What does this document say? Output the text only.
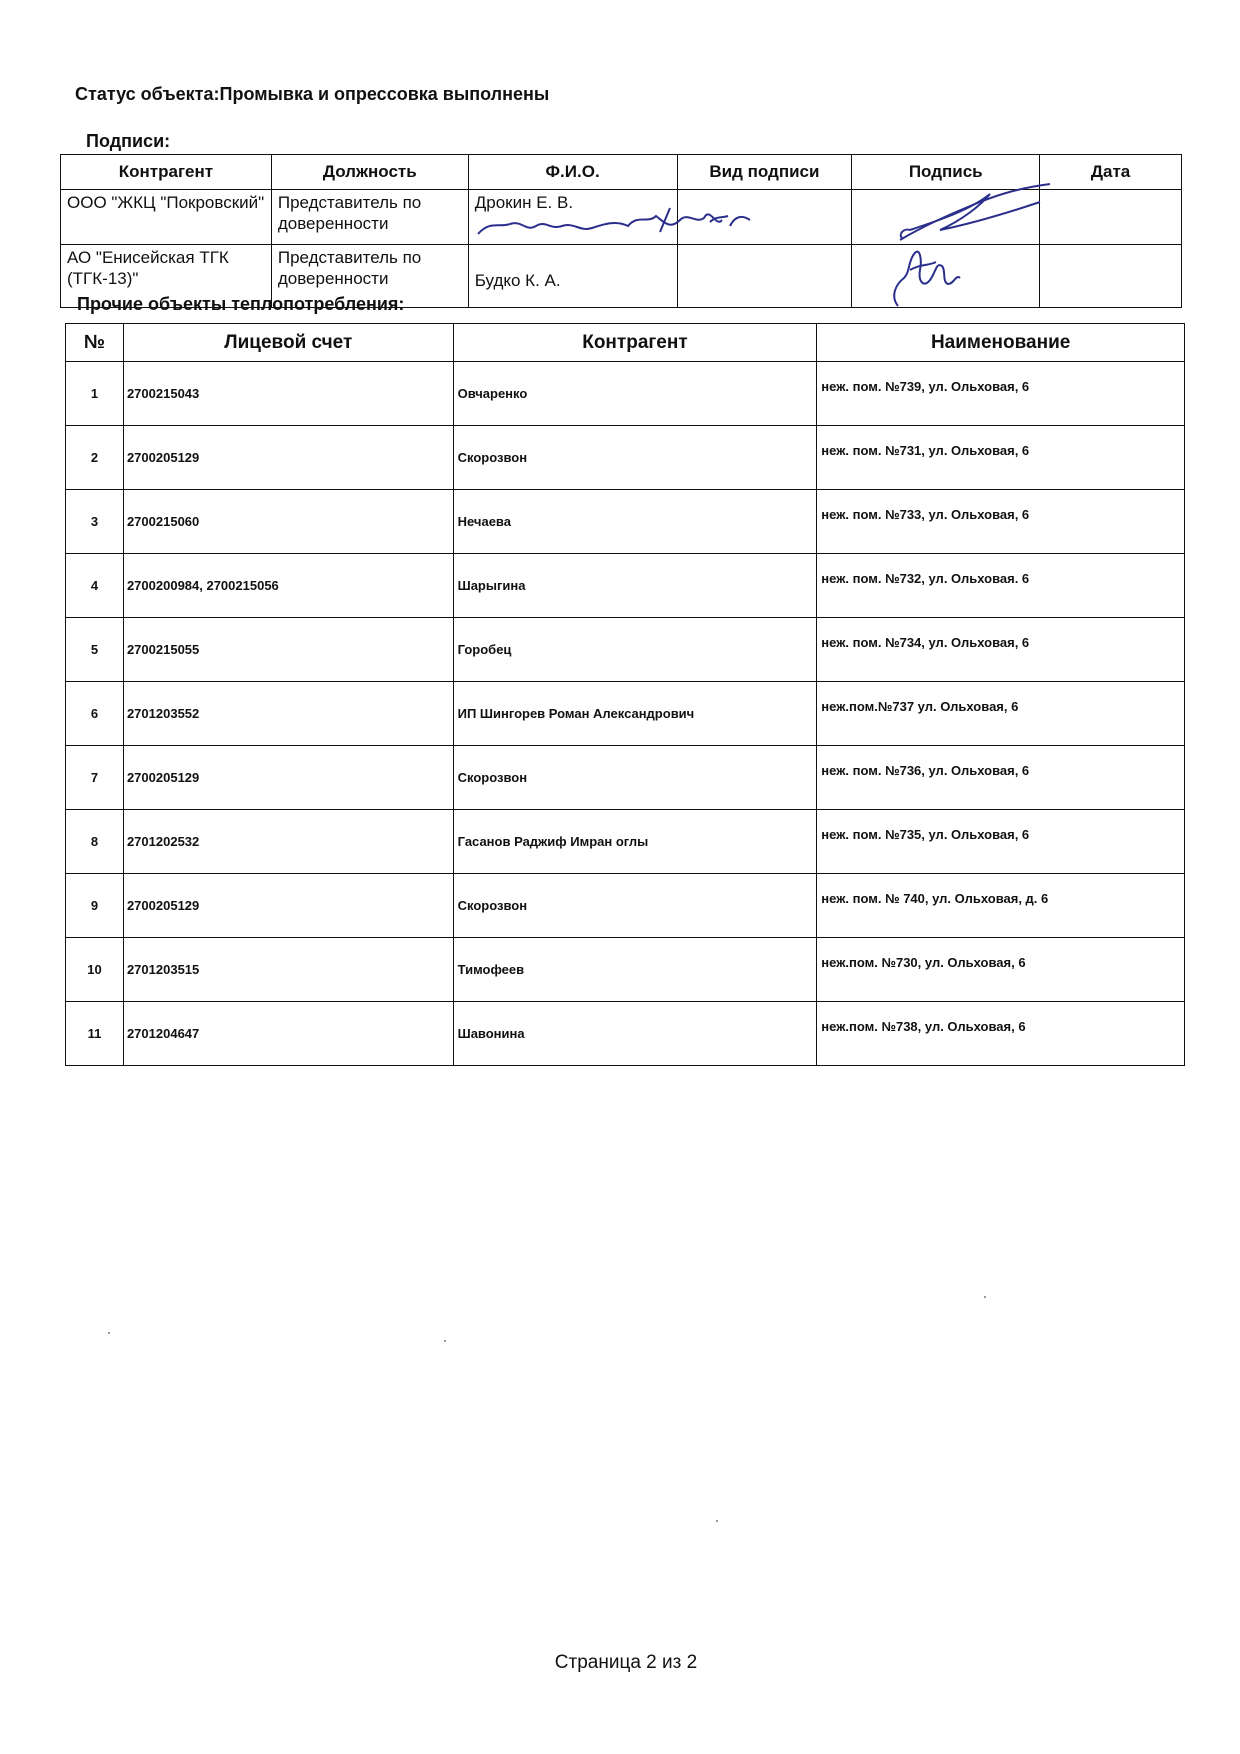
Статус объекта:Промывка и опрессовка выполнены
Подписи:
Контрагент	Должность	Ф.И.О.	Вид подписи	Подпись	Дата
ООО "ЖКЦ "Покровский"	Представитель по доверенности	Дрокин Е. В.			
АО "Енисейская ТГК (ТГК-13)"	Представитель по доверенности	Будко К. А.			
Прочие объекты теплопотребления:
№	Лицевой счет	Контрагент	Наименование
1	2700215043	Овчаренко	неж. пом. №739, ул. Ольховая, 6
2	2700205129	Скорозвон	неж. пом. №731, ул. Ольховая, 6
3	2700215060	Нечаева	неж. пом. №733, ул. Ольховая, 6
4	2700200984, 2700215056	Шарыгина	неж. пом. №732, ул. Ольховая. 6
5	2700215055	Горобец	неж. пом. №734, ул. Ольховая, 6
6	2701203552	ИП Шингорев Роман Александрович	неж.пом.№737 ул. Ольховая, 6
7	2700205129	Скорозвон	неж. пом. №736, ул. Ольховая, 6
8	2701202532	Гасанов Раджиф Имран оглы	неж. пом. №735, ул. Ольховая, 6
9	2700205129	Скорозвон	неж. пом. № 740, ул. Ольховая, д. 6
10	2701203515	Тимофеев	неж.пом. №730, ул. Ольховая, 6
11	2701204647	Шавонина	неж.пом. №738, ул. Ольховая, 6
Страница 2 из 2
